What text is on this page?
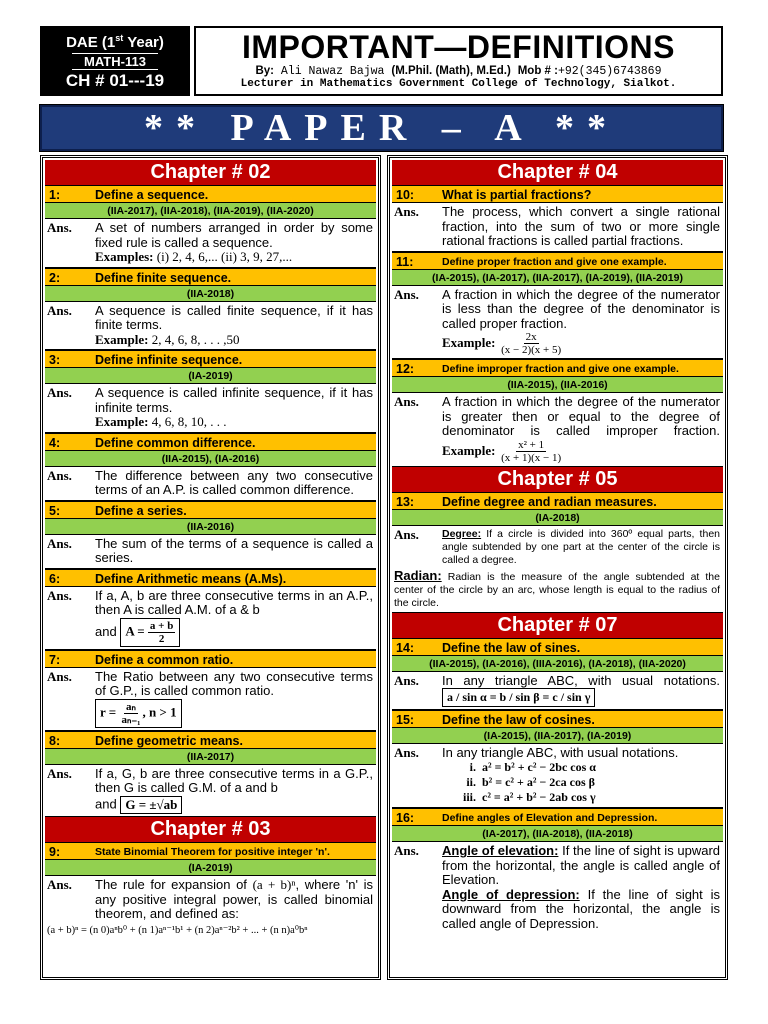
DAE (1st Year)
MATH-113
CH # 01---19
IMPORTANT—DEFINITIONS
By: Ali Nawaz Bajwa (M.Phil. (Math), M.Ed.) Mob # :+92(345)6743869
Lecturer in Mathematics Government College of Technology, Sialkot.
** PAPER – A **
Chapter # 02
1:	Define a sequence.
(IIA-2017), (IIA-2018), (IIA-2019), (IIA-2020)
Ans.	A set of numbers arranged in order by some fixed rule is called a sequence.
Examples: (i) 2, 4, 6,... (ii) 3, 9, 27,...
2:	Define finite sequence.
(IIA-2018)
Ans.	A sequence is called finite sequence, if it has finite terms.
Example: 2, 4, 6, 8, . . . ,50
3:	Define infinite sequence.
(IA-2019)
Ans.	A sequence is called infinite sequence, if it has infinite terms.
Example: 4, 6, 8, 10, . . .
4:	Define common difference.
(IIA-2015), (IA-2016)
Ans.	The difference between any two consecutive terms of an A.P. is called common difference.
5:	Define a series.
(IIA-2016)
Ans.	The sum of the terms of a sequence is called a series.
6:	Define Arithmetic means (A.Ms).
Ans.	If a, A, b are three consecutive terms in an A.P., then A is called A.M. of a & b
and $A = \frac{a + b}{2}$
7:	Define a common ratio.
Ans.	The Ratio between any two consecutive terms of G.P., is called common ratio.
$r = \frac{\text{aₙ}}{\text{aₙ₋₁}}$ , n > 1
8:	Define geometric means.
(IIA-2017)
Ans.	If a, G, b are three consecutive terms in a G.P., then G is called G.M. of a and b
and G = ±√ab
Chapter # 03
9:	State Binomial Theorem for positive integer 'n'.
(IA-2019)
Ans.	The rule for expansion of (a + b)ⁿ, where 'n' is any positive integral power, is called binomial theorem, and defined as:
(a + b)ⁿ = (n 0)aⁿb⁰ + (n 1)aⁿ⁻¹b¹ + (n 2)aⁿ⁻²b² + ... + (n n)a⁰bⁿ
Chapter # 04
10:	What is partial fractions?
Ans.	The process, which convert a single rational fraction, into the sum of two or more single rational fractions is called partial fractions.
11:	Define proper fraction and give one example.
(IA-2015), (IA-2017), (IIA-2017), (IA-2019), (IIA-2019)
Ans.	A fraction in which the degree of the numerator is less than the degree of the denominator is called proper fraction.
Example: $\frac{2x}{(x - 2)(x + 5)}$
12:	Define improper fraction and give one example.
(IIA-2015), (IIA-2016)
Ans.	A fraction in which the degree of the numerator is greater then or equal to the degree of denominator is called improper fraction. Example: $\frac{\text{x² + 1}}{(x + 1)(x - 1)}$
Chapter # 05
13:	Define degree and radian measures.
(IA-2018)
Ans.	Degree: If a circle is divided into 360º equal parts, then angle subtended by one part at the center of the circle is called a degree.
Radian: Radian is the measure of the angle subtended at the center of the circle by an arc, whose length is equal to the radius of the circle.
Chapter # 07
14:	Define the law of sines.
(IIA-2015), (IA-2016), (IIIA-2016), (IA-2018), (IIA-2020)
Ans.	In any triangle ABC, with usual notations. a / sin α = b / sin β = c / sin γ
15:	Define the law of cosines.
(IA-2015), (IIA-2017), (IA-2019)
Ans.	In any triangle ABC, with usual notations.
i. a² = b² + c² − 2bc cos α
ii. b² = c² + a² − 2ca cos β
iii. c² = a² + b² − 2ab cos γ
16:	Define angles of Elevation and Depression.
(IA-2017), (IIA-2018), (IIA-2018)
Ans.	Angle of elevation: If the line of sight is upward from the horizontal, the angle is called angle of Elevation.
Angle of depression: If the line of sight is downward from the horizontal, the angle is called angle of Depression.
